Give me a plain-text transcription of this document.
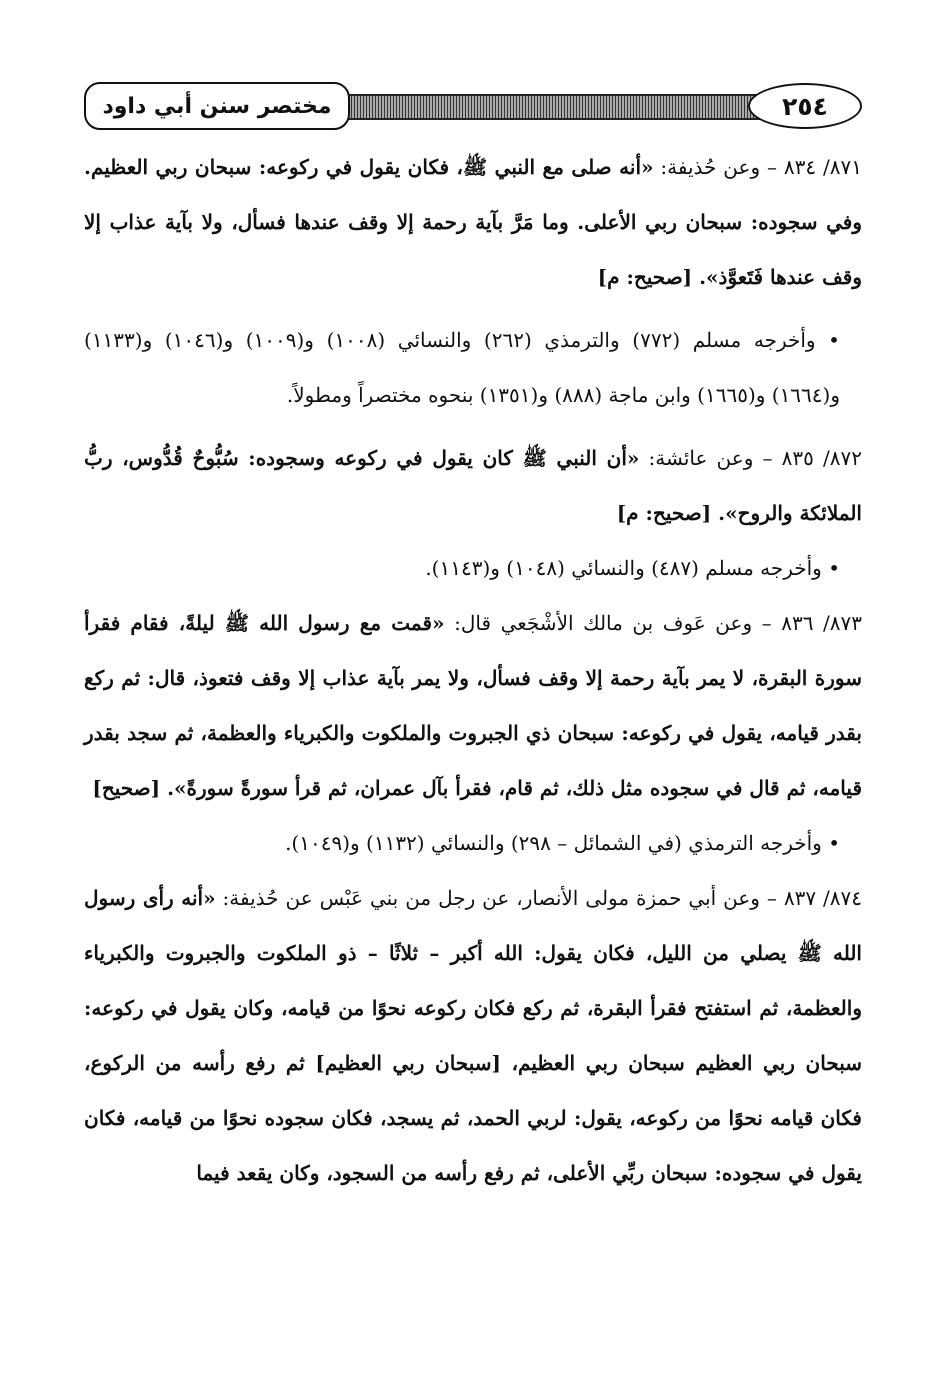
مختصر سنن أبي داود	٢٥٤

٨٧١/ ٨٣٤ – وعن حُذيفة: «أنه صلى مع النبي ﷺ، فكان يقول في ركوعه: سبحان ربي العظيم. وفي سجوده: سبحان ربي الأعلى. وما مَرَّ بآية رحمة إلا وقف عندها فسأل، ولا بآية عذاب إلا وقف عندها فَتَعوَّذ». [صحيح: م]

• وأخرجه مسلم (٧٧٢) والترمذي (٢٦٢) والنسائي (١٠٠٨) و(١٠٠٩) و(١٠٤٦) و(١١٣٣) و(١٦٦٤) و(١٦٦٥) وابن ماجة (٨٨٨) و(١٣٥١) بنحوه مختصراً ومطولاً.

٨٧٢/ ٨٣٥ – وعن عائشة: «أن النبي ﷺ كان يقول في ركوعه وسجوده: سُبُّوحٌ قُدُّوس، ربُّ الملائكة والروح». [صحيح: م]

• وأخرجه مسلم (٤٨٧) والنسائي (١٠٤٨) و(١١٤٣).

٨٧٣/ ٨٣٦ – وعن عَوف بن مالك الأشْجَعي قال: «قمت مع رسول الله ﷺ ليلةً، فقام فقرأ سورة البقرة، لا يمر بآية رحمة إلا وقف فسأل، ولا يمر بآية عذاب إلا وقف فتعوذ، قال: ثم ركع بقدر قيامه، يقول في ركوعه: سبحان ذي الجبروت والملكوت والكبرياء والعظمة، ثم سجد بقدر قيامه، ثم قال في سجوده مثل ذلك، ثم قام، فقرأ بآل عمران، ثم قرأ سورةً سورةً». [صحيح]

• وأخرجه الترمذي (في الشمائل – ٢٩٨) والنسائي (١١٣٢) و(١٠٤٩).

٨٧٤/ ٨٣٧ – وعن أبي حمزة مولى الأنصار، عن رجل من بني عَبْس عن حُذيفة: «أنه رأى رسول الله ﷺ يصلي من الليل، فكان يقول: الله أكبر – ثلاثًا – ذو الملكوت والجبروت والكبرياء والعظمة، ثم استفتح فقرأ البقرة، ثم ركع فكان ركوعه نحوًا من قيامه، وكان يقول في ركوعه: سبحان ربي العظيم سبحان ربي العظيم، [سبحان ربي العظيم] ثم رفع رأسه من الركوع، فكان قيامه نحوًا من ركوعه، يقول: لربي الحمد، ثم يسجد، فكان سجوده نحوًا من قيامه، فكان يقول في سجوده: سبحان ربِّي الأعلى، ثم رفع رأسه من السجود، وكان يقعد فيما
